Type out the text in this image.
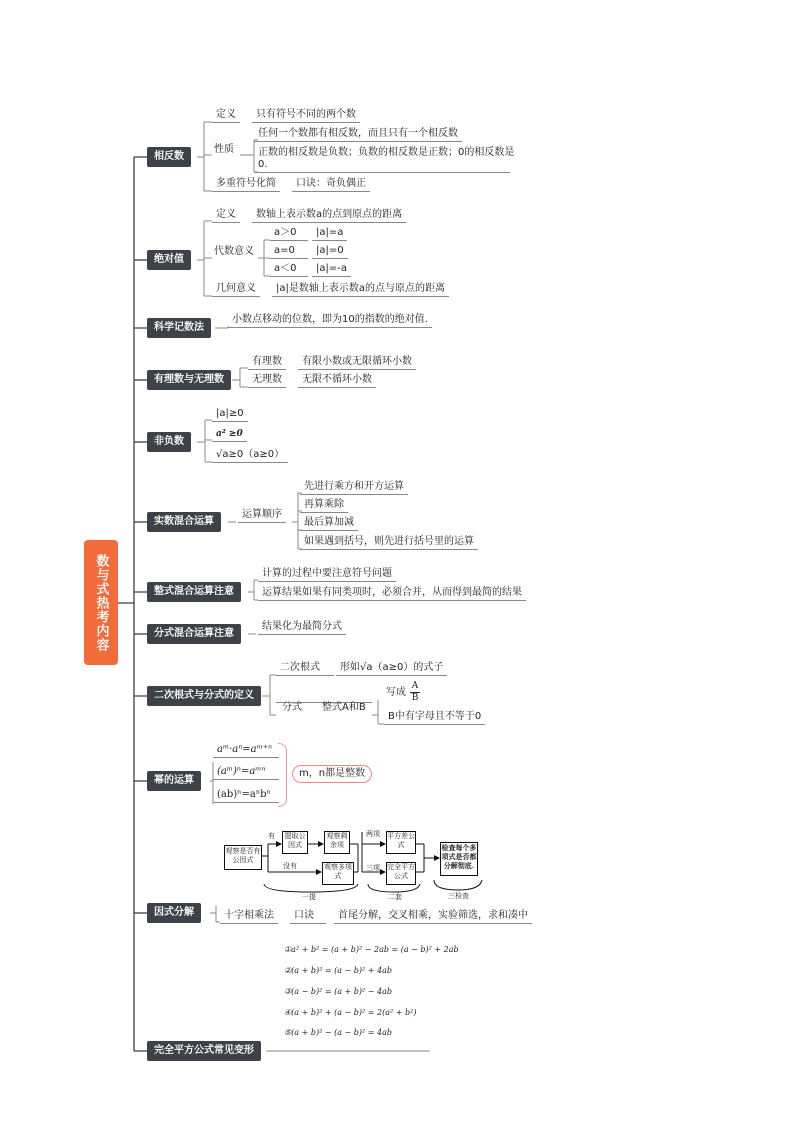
数与式热考内容
相反数
绝对值
科学记数法
有理数与无理数
非负数
实数混合运算
整式混合运算注意
分式混合运算注意
二次根式与分式的定义
幂的运算
因式分解
完全平方公式常见变形
定义	只有符号不同的两个数
性质
任何一个数都有相反数，而且只有一个相反数
正数的相反数是负数；负数的相反数是正数；0的相反数是
0.
多重符号化简	口诀：奇负偶正
定义	数轴上表示数a的点到原点的距离
代数意义
a＞0	|a|=a
a=0	|a|=0
a＜0	|a|=-a
几何意义	|a|是数轴上表示数a的点与原点的距离
小数点移动的位数，即为10的指数的绝对值.
有理数	有限小数或无限循环小数
无理数	无限不循环小数
|a|≥0
a² ≥0
√a≥0（a≥0）
运算顺序
先进行乘方和开方运算
再算乘除
最后算加减
如果遇到括号，则先进行括号里的运算
计算的过程中要注意符号问题
运算结果如果有同类项时，必须合并，从而得到最简的结果
结果化为最简分式
二次根式	形如√a（a≥0）的式子
分式 整式A和B
写成 $\frac{A}{B}$
B中有字母且不等于0
aᵐ·aⁿ=aᵐ⁺ⁿ
(aᵐ)ⁿ=aᵐⁿ
(ab)ⁿ=aⁿbⁿ
m，n都是整数
观察是否有公因式
有
没有
提取公因式
观察剩余项
观察多项式
两项
三项
平方差公式
完全平方公式
检查每个多项式是否都分解彻底.
一提	二套	三检查
十字相乘法	口诀	首尾分解，交叉相乘，实验筛选，求和凑中
①a² + b² = (a + b)² − 2ab = (a − b)² + 2ab
②(a + b)² = (a − b)² + 4ab
③(a − b)² = (a + b)² − 4ab
④(a + b)² + (a − b)² = 2(a² + b²)
⑤(a + b)² − (a − b)² = 4ab
